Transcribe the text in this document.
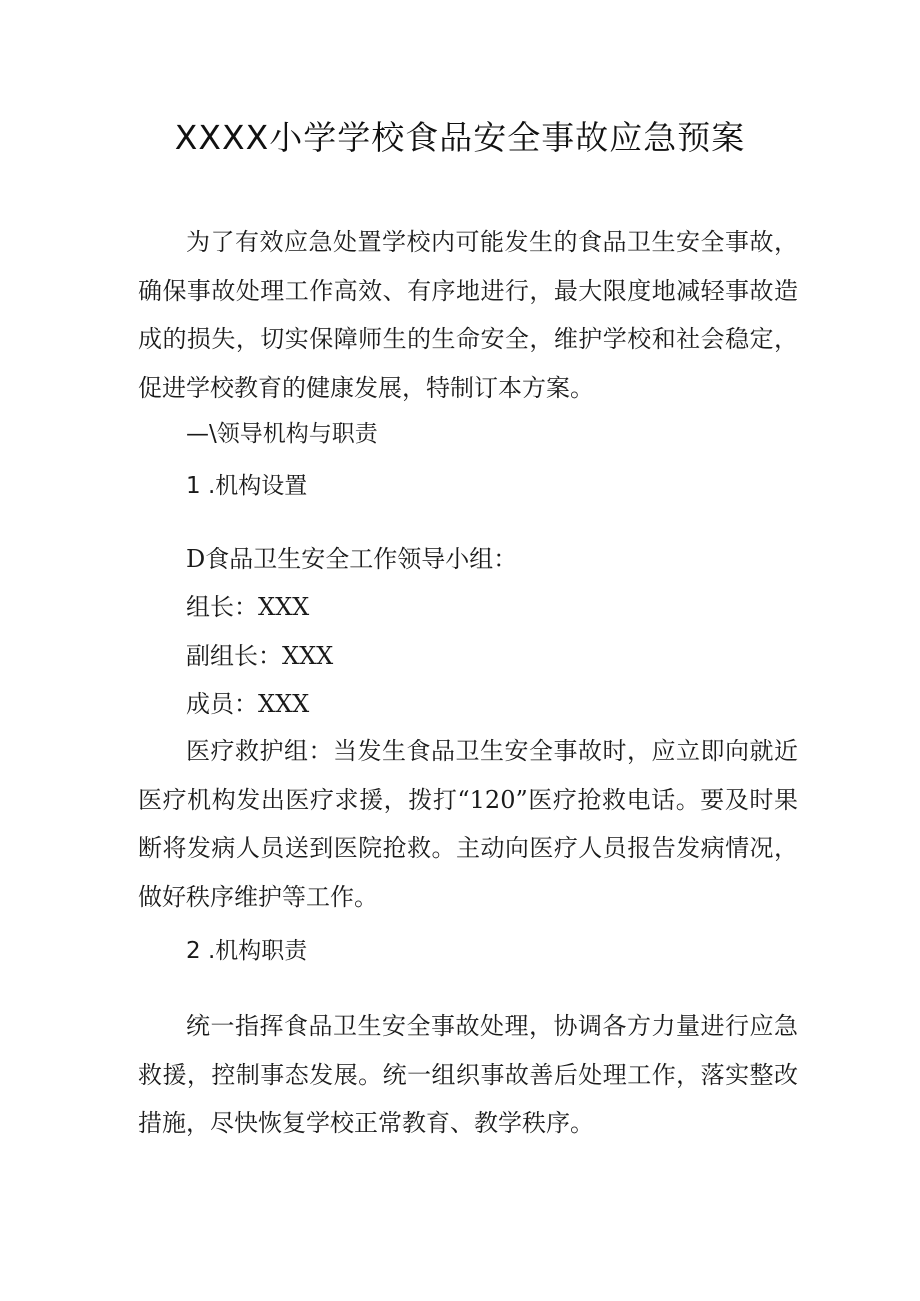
XXXX小学学校食品安全事故应急预案

为了有效应急处置学校内可能发生的食品卫生安全事故，确保事故处理工作高效、有序地进行，最大限度地减轻事故造成的损失，切实保障师生的生命安全，维护学校和社会稳定，促进学校教育的健康发展，特制订本方案。

—\领导机构与职责
1 .机构设置
D食品卫生安全工作领导小组：
组长：XXX
副组长：XXX
成员：XXX

医疗救护组：当发生食品卫生安全事故时，应立即向就近医疗机构发出医疗求援，拨打“120”医疗抢救电话。要及时果断将发病人员送到医院抢救。主动向医疗人员报告发病情况，做好秩序维护等工作。

2 .机构职责

统一指挥食品卫生安全事故处理，协调各方力量进行应急救援，控制事态发展。统一组织事故善后处理工作，落实整改措施，尽快恢复学校正常教育、教学秩序。
